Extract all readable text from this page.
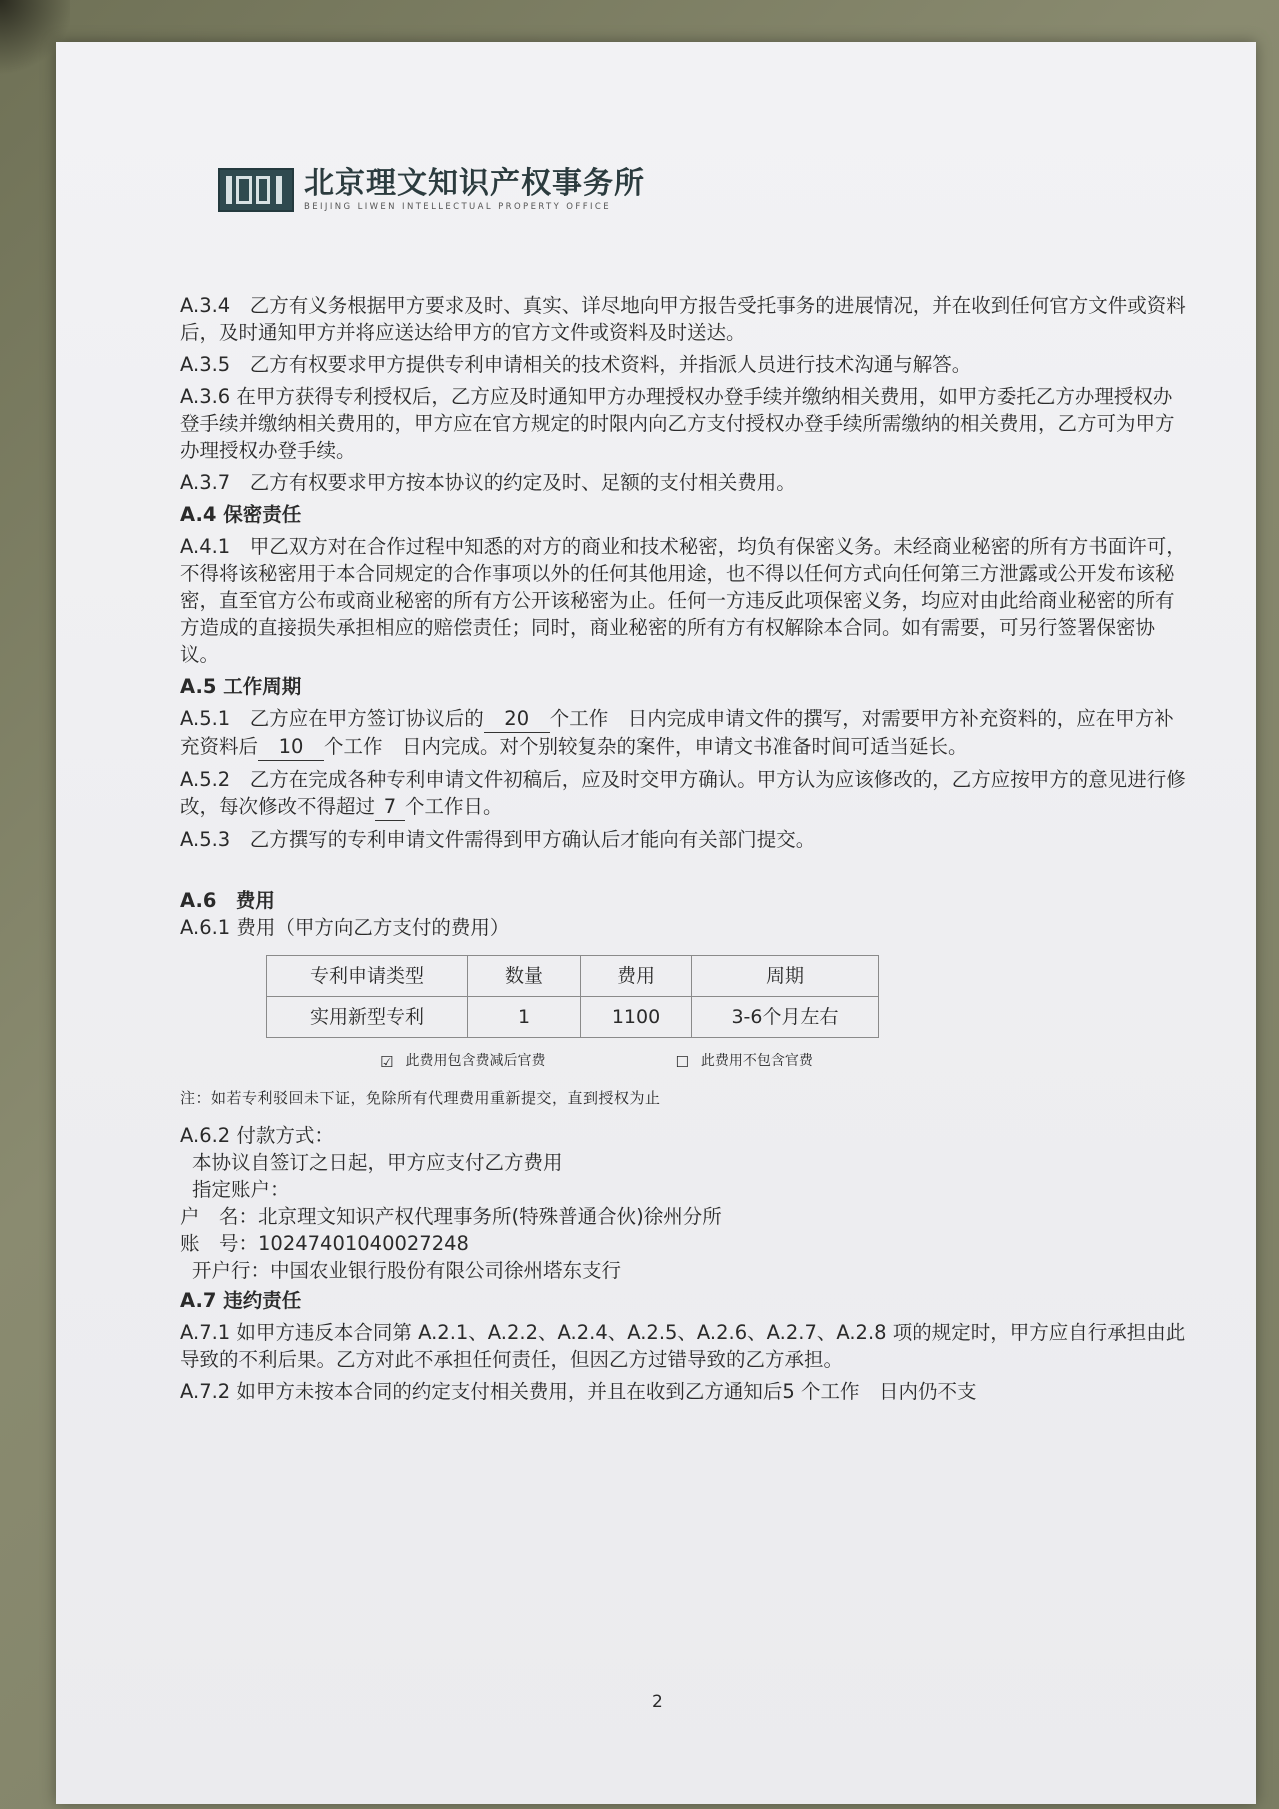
北京理文知识产权事务所
BEIJING LIWEN INTELLECTUAL PROPERTY OFFICE

A.3.4　乙方有义务根据甲方要求及时、真实、详尽地向甲方报告受托事务的进展情况，并在收到任何官方文件或资料后，及时通知甲方并将应送达给甲方的官方文件或资料及时送达。

A.3.5　乙方有权要求甲方提供专利申请相关的技术资料，并指派人员进行技术沟通与解答。

A.3.6 在甲方获得专利授权后，乙方应及时通知甲方办理授权办登手续并缴纳相关费用，如甲方委托乙方办理授权办登手续并缴纳相关费用的，甲方应在官方规定的时限内向乙方支付授权办登手续所需缴纳的相关费用，乙方可为甲方办理授权办登手续。

A.3.7　乙方有权要求甲方按本协议的约定及时、足额的支付相关费用。

A.4 保密责任

A.4.1　甲乙双方对在合作过程中知悉的对方的商业和技术秘密，均负有保密义务。未经商业秘密的所有方书面许可，不得将该秘密用于本合同规定的合作事项以外的任何其他用途，也不得以任何方式向任何第三方泄露或公开发布该秘密，直至官方公布或商业秘密的所有方公开该秘密为止。任何一方违反此项保密义务，均应对由此给商业秘密的所有方造成的直接损失承担相应的赔偿责任；同时，商业秘密的所有方有权解除本合同。如有需要，可另行签署保密协议。

A.5 工作周期

A.5.1　乙方应在甲方签订协议后的 20 个工作　日内完成申请文件的撰写，对需要甲方补充资料的，应在甲方补充资料后 10 个工作　日内完成。对个别较复杂的案件，申请文书准备时间可适当延长。

A.5.2　乙方在完成各种专利申请文件初稿后，应及时交甲方确认。甲方认为应该修改的，乙方应按甲方的意见进行修改，每次修改不得超过 7 个工作日。

A.5.3　乙方撰写的专利申请文件需得到甲方确认后才能向有关部门提交。

A.6　费用

A.6.1 费用（甲方向乙方支付的费用）

专利申请类型	数量	费用	周期
实用新型专利	1	1100	3-6个月左右
☑ 此费用包含费减后官费	☐ 此费用不包含官费

注：如若专利驳回未下证，免除所有代理费用重新提交，直到授权为止

A.6.2 付款方式：

本协议自签订之日起，甲方应支付乙方费用

指定账户：

户　名：北京理文知识产权代理事务所(特殊普通合伙)徐州分所

账　号：10247401040027248

开户行：中国农业银行股份有限公司徐州塔东支行

A.7 违约责任

A.7.1 如甲方违反本合同第 A.2.1、A.2.2、A.2.4、A.2.5、A.2.6、A.2.7、A.2.8 项的规定时，甲方应自行承担由此导致的不利后果。乙方对此不承担任何责任，但因乙方过错导致的乙方承担。

A.7.2 如甲方未按本合同的约定支付相关费用，并且在收到乙方通知后5 个工作　日内仍不支

2
